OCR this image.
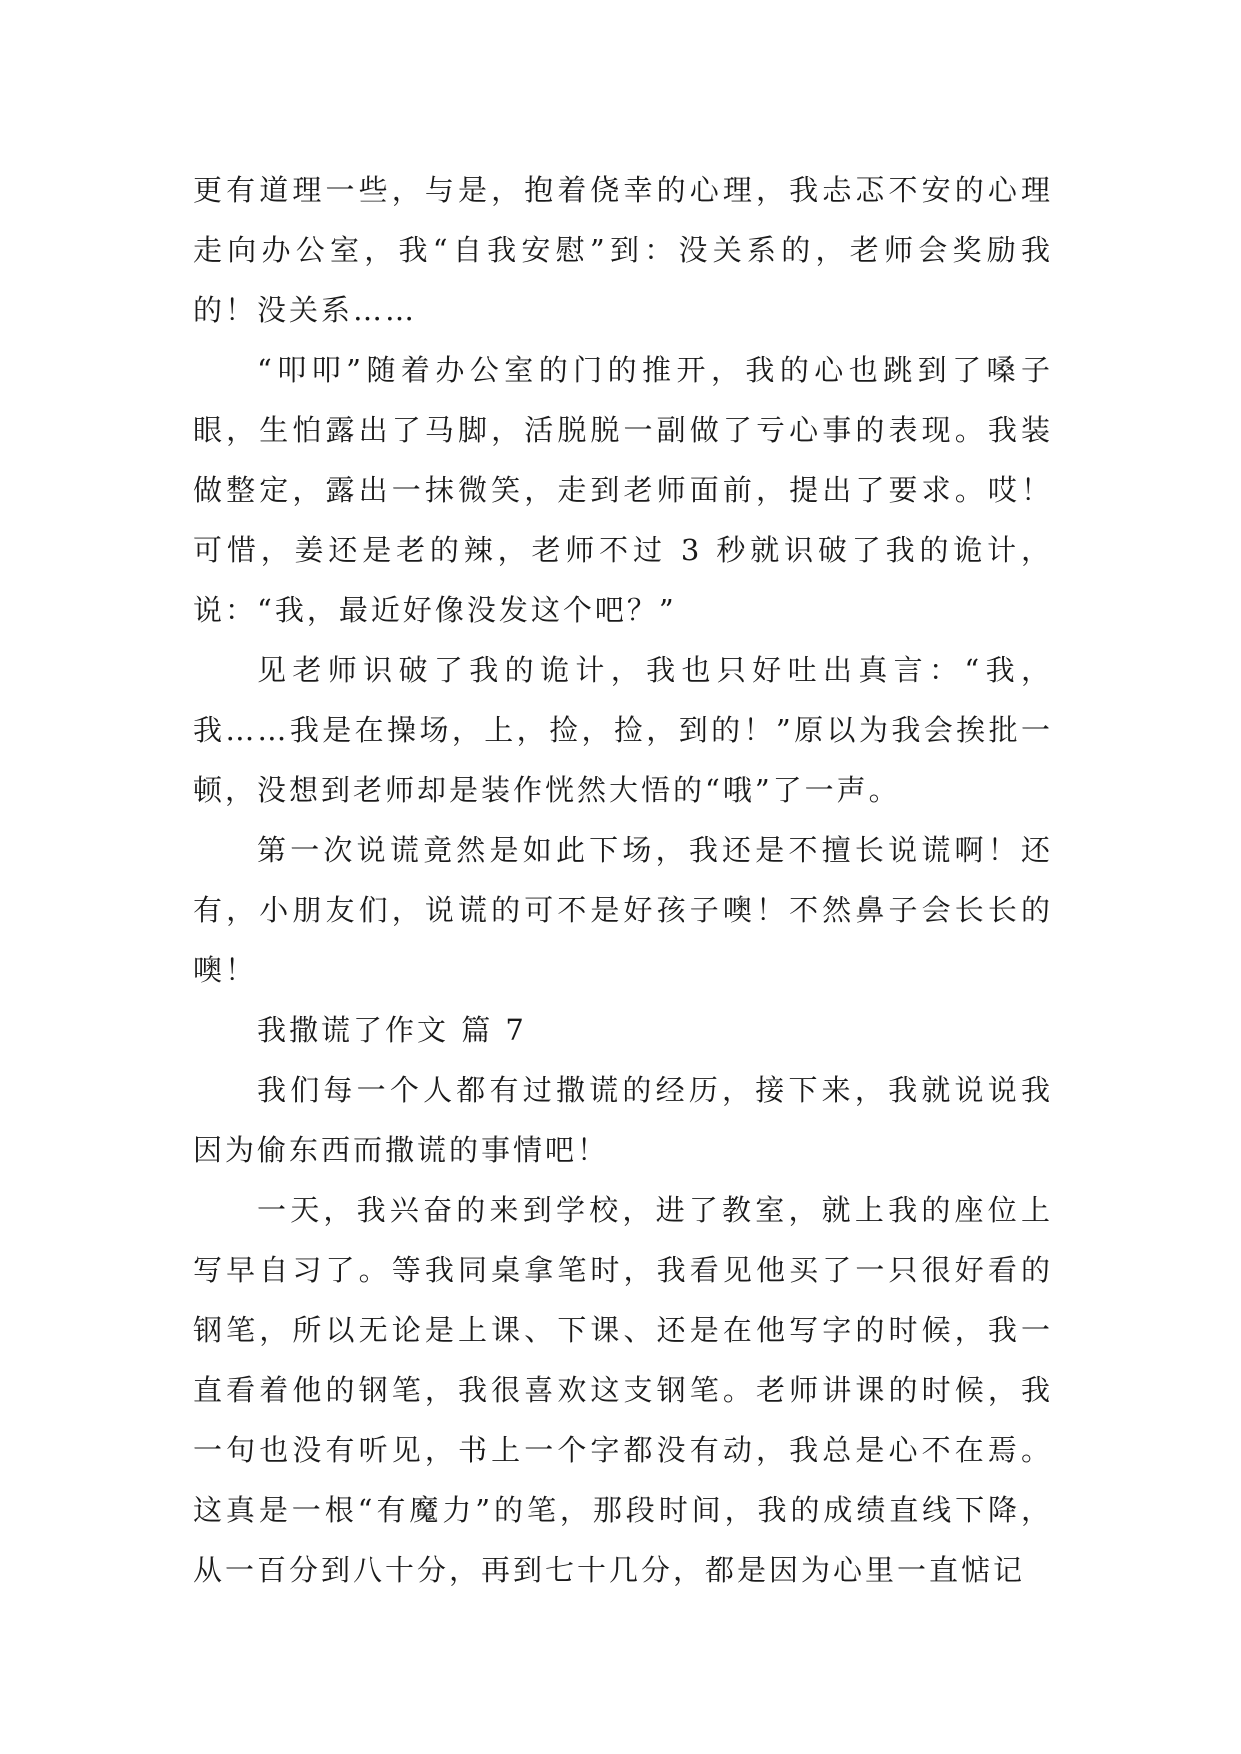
更有道理一些，与是，抱着侥幸的心理，我忐忑不安的心理走向办公室，我“自我安慰”到：没关系的，老师会奖励我的！没关系……

“叩叩”随着办公室的门的推开，我的心也跳到了嗓子眼，生怕露出了马脚，活脱脱一副做了亏心事的表现。我装做整定，露出一抹微笑，走到老师面前，提出了要求。哎！可惜，姜还是老的辣，老师不过 3 秒就识破了我的诡计，说：“我，最近好像没发这个吧？”

见老师识破了我的诡计，我也只好吐出真言：“我，我……我是在操场，上，捡，捡，到的！”原以为我会挨批一顿，没想到老师却是装作恍然大悟的“哦”了一声。

第一次说谎竟然是如此下场，我还是不擅长说谎啊！还有，小朋友们，说谎的可不是好孩子噢！不然鼻子会长长的噢！

我撒谎了作文 篇 7

我们每一个人都有过撒谎的经历，接下来，我就说说我因为偷东西而撒谎的事情吧！

一天，我兴奋的来到学校，进了教室，就上我的座位上写早自习了。等我同桌拿笔时，我看见他买了一只很好看的钢笔，所以无论是上课、下课、还是在他写字的时候，我一直看着他的钢笔，我很喜欢这支钢笔。老师讲课的时候，我一句也没有听见，书上一个字都没有动，我总是心不在焉。这真是一根“有魔力”的笔，那段时间，我的成绩直线下降，从一百分到八十分，再到七十几分，都是因为心里一直惦记
